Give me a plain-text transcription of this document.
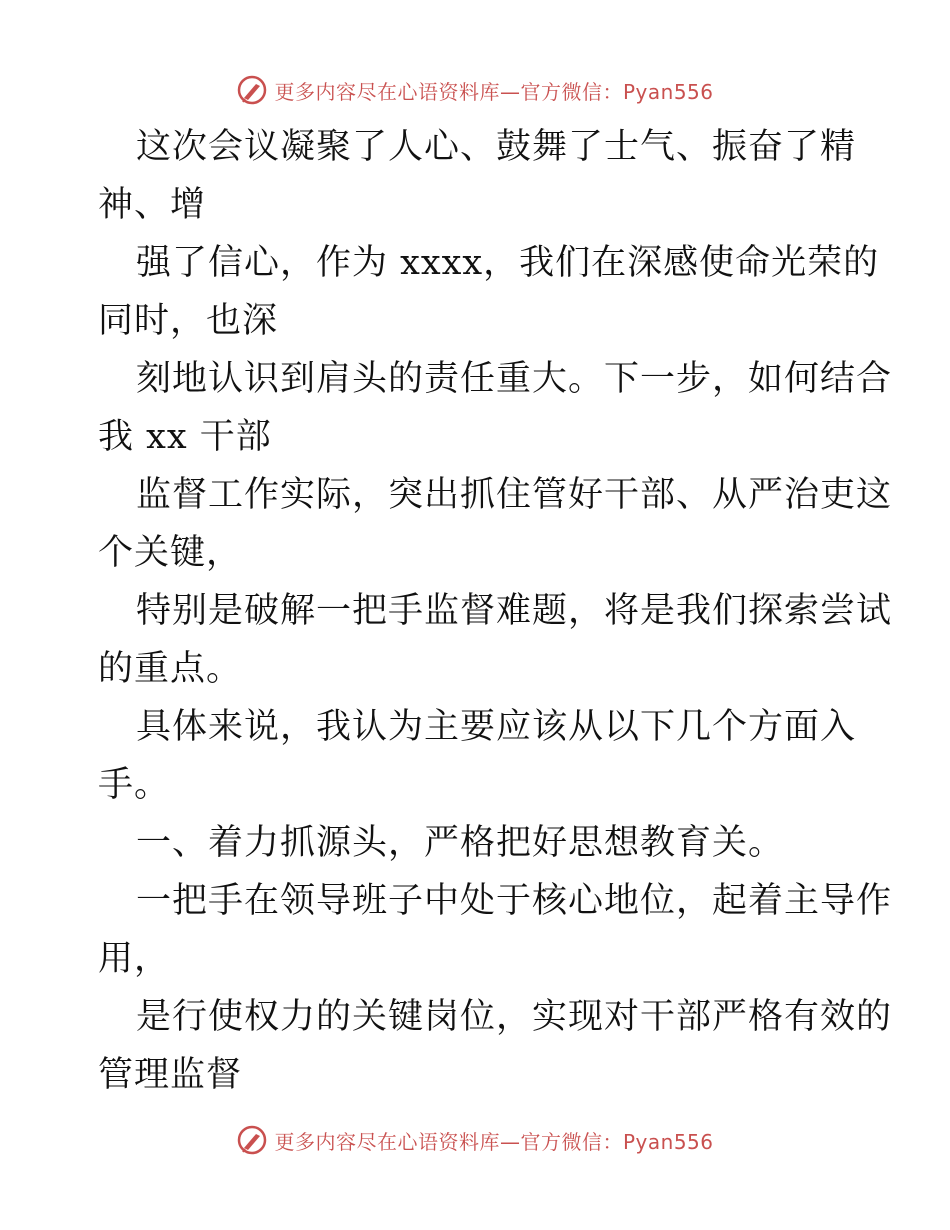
更多内容尽在心语资料库—官方微信：Pyan556
这次会议凝聚了人心、鼓舞了士气、振奋了精
神、增
强了信心，作为 xxxx，我们在深感使命光荣的
同时，也深
刻地认识到肩头的责任重大。下一步，如何结合
我 xx 干部
监督工作实际，突出抓住管好干部、从严治吏这
个关键，
特别是破解一把手监督难题，将是我们探索尝试
的重点。
具体来说，我认为主要应该从以下几个方面入
手。
一、着力抓源头，严格把好思想教育关。
一把手在领导班子中处于核心地位，起着主导作
用，
是行使权力的关键岗位，实现对干部严格有效的
管理监督
更多内容尽在心语资料库—官方微信：Pyan556
